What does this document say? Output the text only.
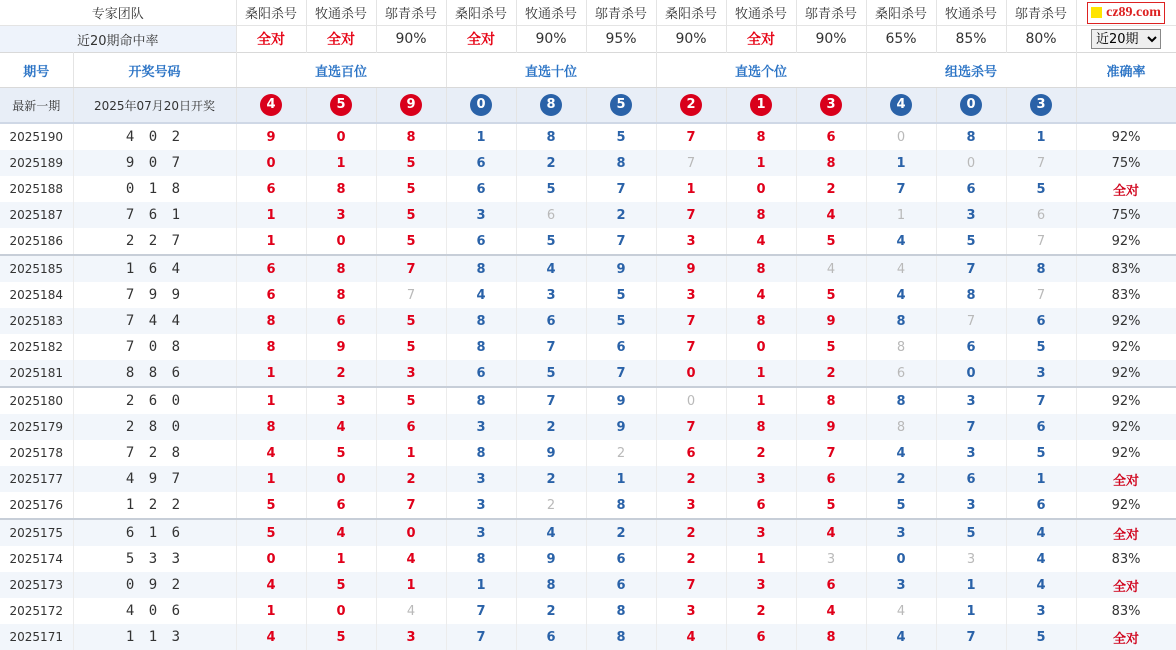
专家团队		桑阳杀号	牧通杀号	邬青杀号	桑阳杀号	牧通杀号	邬青杀号	桑阳杀号	牧通杀号	邬青杀号	桑阳杀号	牧通杀号	邬青杀号	cz89.com

近20期命中率		全对	全对	90%	全对	90%	95%	90%	全对	90%	65%	85%	80%	
近20期
期号	开奖号码	直选百位			直选十位			直选个位			组选杀号			准确率
最新一期	2025年07月20日开奖	4	5	9	0	8	5	2	1	3	4	0	3	
2025190	4 0 2	9	0	8	1	8	5	7	8	6	0	8	1	92%
2025189	9 0 7	0	1	5	6	2	8	7	1	8	1	0	7	75%
2025188	0 1 8	6	8	5	6	5	7	1	0	2	7	6	5	全对
2025187	7 6 1	1	3	5	3	6	2	7	8	4	1	3	6	75%
2025186	2 2 7	1	0	5	6	5	7	3	4	5	4	5	7	92%
2025185	1 6 4	6	8	7	8	4	9	9	8	4	4	7	8	83%
2025184	7 9 9	6	8	7	4	3	5	3	4	5	4	8	7	83%
2025183	7 4 4	8	6	5	8	6	5	7	8	9	8	7	6	92%
2025182	7 0 8	8	9	5	8	7	6	7	0	5	8	6	5	92%
2025181	8 8 6	1	2	3	6	5	7	0	1	2	6	0	3	92%
2025180	2 6 0	1	3	5	8	7	9	0	1	8	8	3	7	92%
2025179	2 8 0	8	4	6	3	2	9	7	8	9	8	7	6	92%
2025178	7 2 8	4	5	1	8	9	2	6	2	7	4	3	5	92%
2025177	4 9 7	1	0	2	3	2	1	2	3	6	2	6	1	全对
2025176	1 2 2	5	6	7	3	2	8	3	6	5	5	3	6	92%
2025175	6 1 6	5	4	0	3	4	2	2	3	4	3	5	4	全对
2025174	5 3 3	0	1	4	8	9	6	2	1	3	0	3	4	83%
2025173	0 9 2	4	5	1	1	8	6	7	3	6	3	1	4	全对
2025172	4 0 6	1	0	4	7	2	8	3	2	4	4	1	3	83%
2025171	1 1 3	4	5	3	7	6	8	4	6	8	4	7	5	全对
